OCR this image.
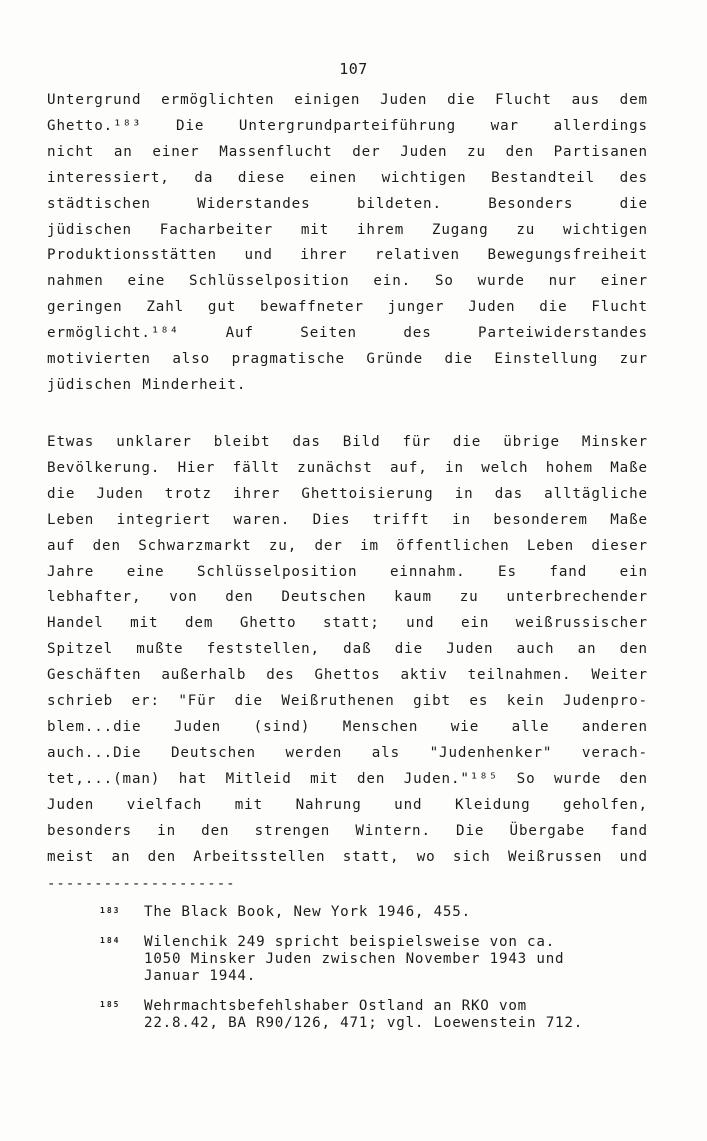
107
Untergrund ermöglichten einigen Juden die Flucht aus dem
Ghetto.¹⁸³ Die Untergrundparteiführung war allerdings
nicht an einer Massenflucht der Juden zu den Partisanen
interessiert, da diese einen wichtigen Bestandteil des
städtischen Widerstandes bildeten. Besonders die
jüdischen Facharbeiter mit ihrem Zugang zu wichtigen
Produktionsstätten und ihrer relativen Bewegungsfreiheit
nahmen eine Schlüsselposition ein. So wurde nur einer
geringen Zahl gut bewaffneter junger Juden die Flucht
ermöglicht.¹⁸⁴ Auf Seiten des Parteiwiderstandes
motivierten also pragmatische Gründe die Einstellung zur
jüdischen Minderheit.
Etwas unklarer bleibt das Bild für die übrige Minsker
Bevölkerung. Hier fällt zunächst auf, in welch hohem Maße
die Juden trotz ihrer Ghettoisierung in das alltägliche
Leben integriert waren. Dies trifft in besonderem Maße
auf den Schwarzmarkt zu, der im öffentlichen Leben dieser
Jahre eine Schlüsselposition einnahm. Es fand ein
lebhafter, von den Deutschen kaum zu unterbrechender
Handel mit dem Ghetto statt; und ein weißrussischer
Spitzel mußte feststellen, daß die Juden auch an den
Geschäften außerhalb des Ghettos aktiv teilnahmen. Weiter
schrieb er: "Für die Weißruthenen gibt es kein Judenpro-
blem...die Juden (sind) Menschen wie alle anderen
auch...Die Deutschen werden als "Judenhenker" verach-
tet,...(man) hat Mitleid mit den Juden."¹⁸⁵ So wurde den
Juden vielfach mit Nahrung und Kleidung geholfen,
besonders in den strengen Wintern. Die Übergabe fand
meist an den Arbeitsstellen statt, wo sich Weißrussen und
--------------------
183	The Black Book, New York 1946, 455.
184	Wilenchik 249 spricht beispielsweise von ca.
1050 Minsker Juden zwischen November 1943 und
Januar 1944.
185	Wehrmachtsbefehlshaber Ostland an RKO vom
22.8.42, BA R90/126, 471; vgl. Loewenstein 712.
